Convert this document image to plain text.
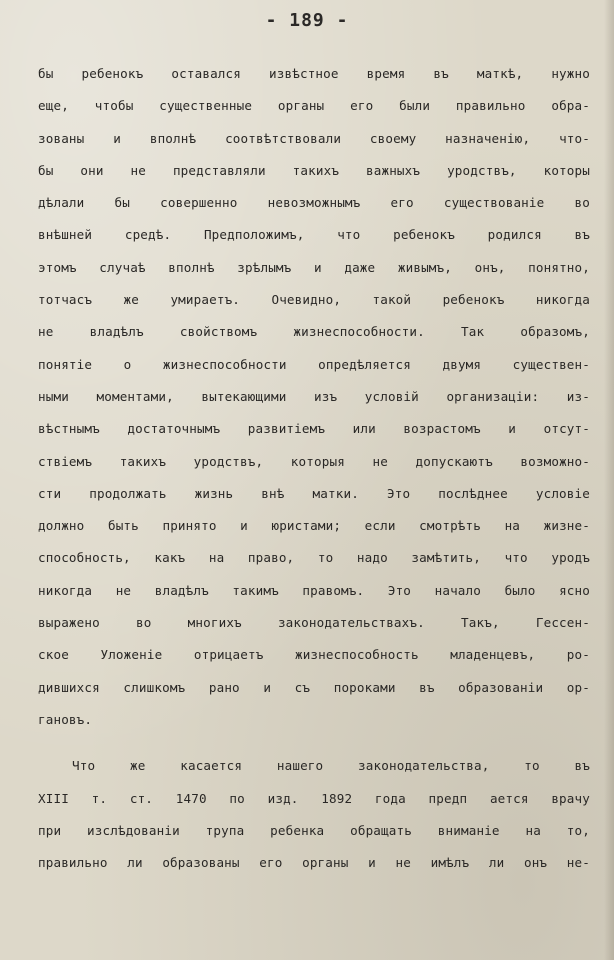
- 189 -
бы ребенокъ оставался извѣстное время въ маткѣ, нужно
еще, чтобы существенные органы его были правильно обра-
зованы и вполнѣ соотвѣтствовали своему назначенію, что-
бы они не представляли такихъ важныхъ уродствъ, которы
дѣлали бы совершенно невозможнымъ его существованіе во
внѣшней средѣ. Предположимъ, что ребенокъ родился въ
этомъ случаѣ вполнѣ зрѣлымъ и даже живымъ, онъ, понятно,
тотчасъ же умираетъ. Очевидно, такой ребенокъ никогда
не владѣлъ свойствомъ жизнеспособности. Так образомъ,
понятіе о жизнеспособности опредѣляется двумя существен-
ными моментами, вытекающими изъ условій организаціи: из-
вѣстнымъ достаточнымъ развитіемъ или возрастомъ и отсут-
ствіемъ такихъ уродствъ, которыя не допускаютъ возможно-
сти продолжать жизнь внѣ матки. Это послѣднее условіе
должно быть принято и юристами; если смотрѣть на жизне-
способность, какъ на право, то надо замѣтить, что уродъ
никогда не владѣлъ такимъ правомъ. Это начало было ясно
выражено во многихъ законодательствахъ. Такъ, Гессен-
ское Уложеніе отрицаетъ жизнеспособность младенцевъ, ро-
дившихся слишкомъ рано и съ пороками въ образованіи ор-
гановъ.
Что же касается нашего законодательства, то въ
XIII т. ст. 1470 по изд. 1892 года предп ается врачу
при изслѣдованіи трупа ребенка обращать вниманіе на то,
правильно ли образованы его органы и не имѣлъ ли онъ не-
